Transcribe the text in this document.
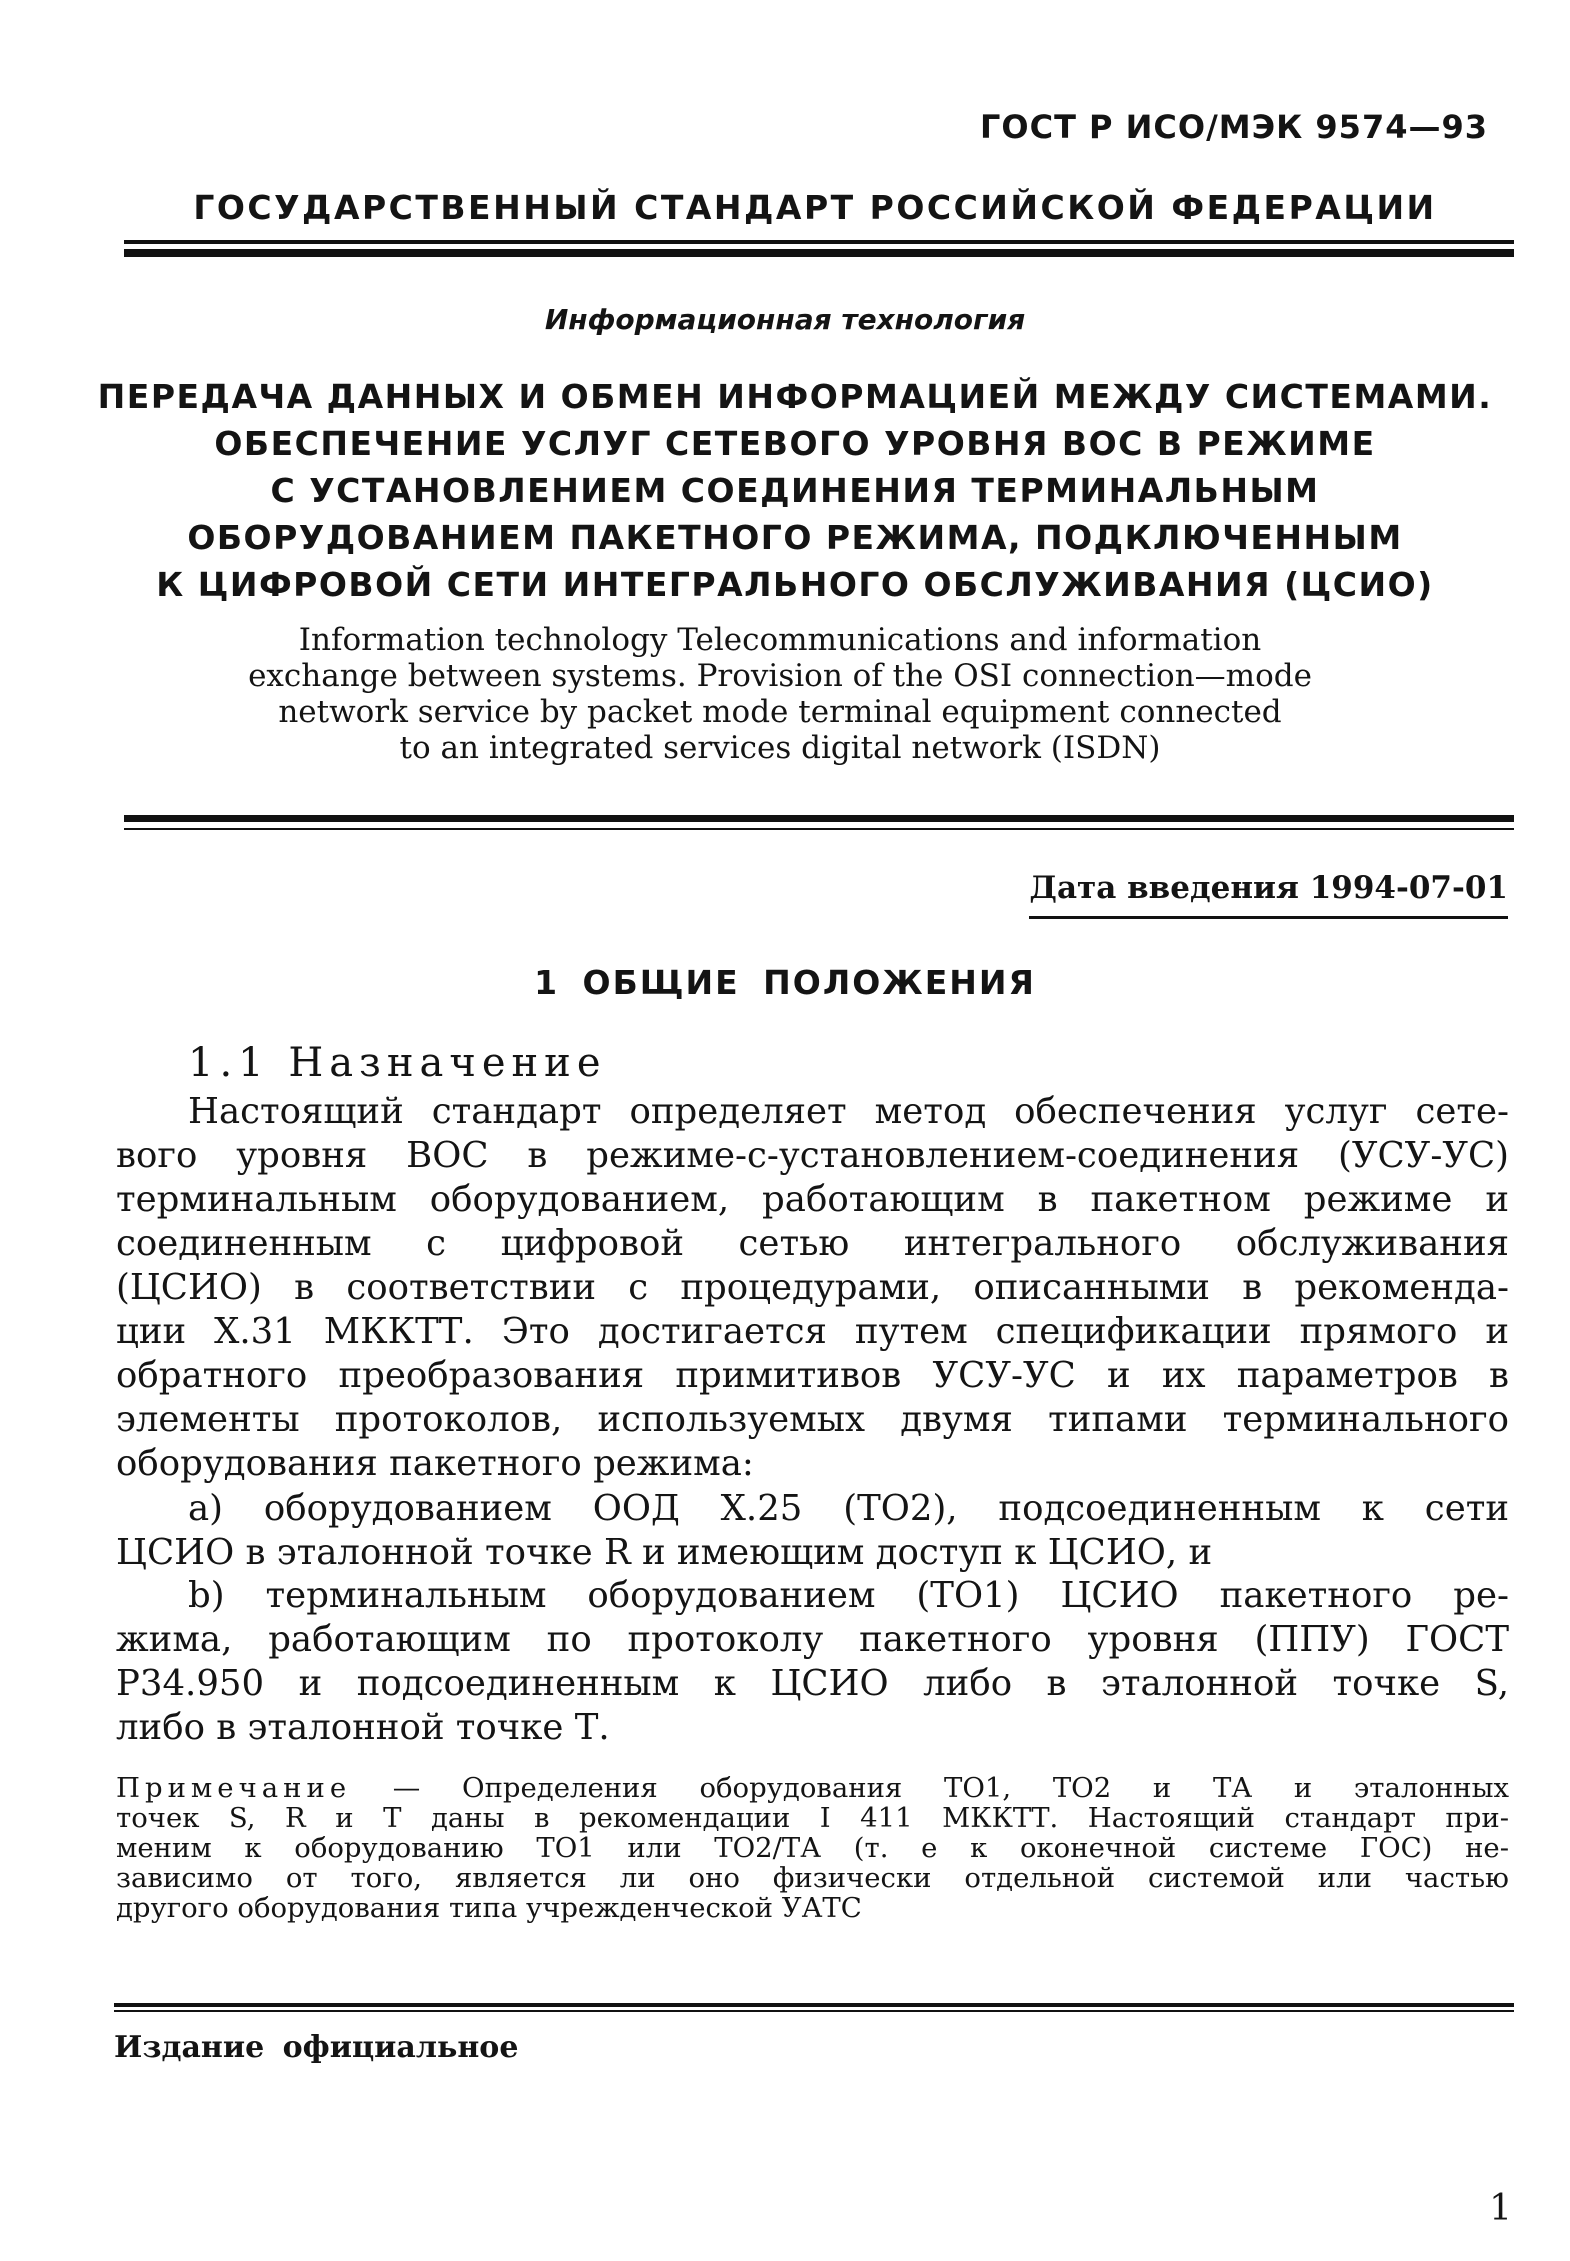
ГОСТ Р ИСО/МЭК 9574—93
ГОСУДАРСТВЕННЫЙ СТАНДАРТ РОССИЙСКОЙ ФЕДЕРАЦИИ
Информационная технология
ПЕРЕДАЧА ДАННЫХ И ОБМЕН ИНФОРМАЦИЕЙ МЕЖДУ СИСТЕМАМИ.
ОБЕСПЕЧЕНИЕ УСЛУГ СЕТЕВОГО УРОВНЯ ВОС В РЕЖИМЕ
С УСТАНОВЛЕНИЕМ СОЕДИНЕНИЯ ТЕРМИНАЛЬНЫМ
ОБОРУДОВАНИЕМ ПАКЕТНОГО РЕЖИМА, ПОДКЛЮЧЕННЫМ
К ЦИФРОВОЙ СЕТИ ИНТЕГРАЛЬНОГО ОБСЛУЖИВАНИЯ (ЦСИО)
Information technology Telecommunications and information
exchange between systems. Provision of the OSI connection—mode
network service by packet mode terminal equipment connected
to an integrated services digital network (ISDN)
Дата введения 1994-07-01
1 ОБЩИЕ ПОЛОЖЕНИЯ
1.1 Назначение
Настоящий стандарт определяет метод обеспечения услуг сете-
вого уровня ВОС в режиме-с-установлением-соединения (УСУ-УС)
терминальным оборудованием, работающим в пакетном режиме и
соединенным с цифровой сетью интегрального обслуживания
(ЦСИО) в соответствии с процедурами, описанными в рекоменда-
ции Х.31 МККТТ. Это достигается путем спецификации прямого и
обратного преобразования примитивов УСУ-УС и их параметров в
элементы протоколов, используемых двумя типами терминального
оборудования пакетного режима:
а) оборудованием ООД Х.25 (ТО2), подсоединенным к сети
ЦСИО в эталонной точке R и имеющим доступ к ЦСИО, и
b) терминальным оборудованием (ТО1) ЦСИО пакетного ре-
жима, работающим по протоколу пакетного уровня (ППУ) ГОСТ
Р34.950 и подсоединенным к ЦСИО либо в эталонной точке S,
либо в эталонной точке Т.
Примечание — Определения оборудования ТО1, ТО2 и ТА и эталонных
точек S, R и Т даны в рекомендации I 411 МККТТ. Настоящий стандарт при-
меним к оборудованию ТО1 или ТО2/ТА (т. е к оконечной системе ГОС) не-
зависимо от того, является ли оно физически отдельной системой или частью
другого оборудования типа учрежденческой УАТС
Издание официальное
1
